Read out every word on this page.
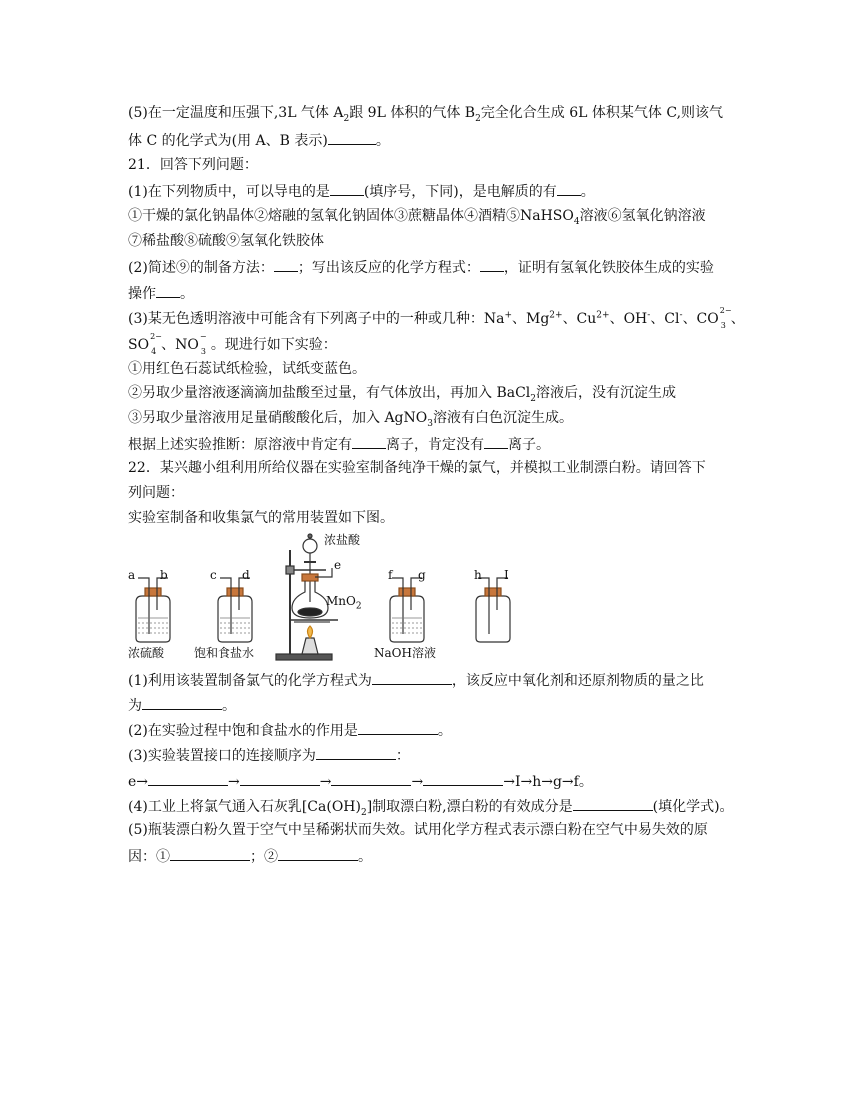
(5)在一定温度和压强下,3L 气体 $A_2$跟 9L 体积的气体 $B_2$完全化合生成 6L 体积某气体 C,则该气
体 C 的化学式为(用 A、B 表示)	。
21．回答下列问题：
(1)在下列物质中，可以导电的是 (填序号，下同)，是电解质的有 。
①干燥的氯化钠晶体②熔融的氢氧化钠固体③蔗糖晶体④酒精⑤NaHSO$_4$溶液⑥氢氧化钠溶液
⑦稀盐酸⑧硫酸⑨氢氧化铁胶体
(2)简述⑨的制备方法： ；写出该反应的化学方程式： ，证明有氢氧化铁胶体生成的实验
操作 。
(3)某无色透明溶液中可能含有下列离子中的一种或几种：Na+、$Mg^{2+}$、$Cu^{2+}$、OH-、Cl-、CO
2−
3 、
SO
2−
4 、NO
−
3 。现进行如下实验：
①用红色石蕊试纸检验，试纸变蓝色。
②另取少量溶液逐滴滴加盐酸至过量，有气体放出，再加入 BaCl$_2$溶液后，没有沉淀生成
③另取少量溶液用足量硝酸酸化后，加入 AgNO$_3$溶液有白色沉淀生成。
根据上述实验推断：原溶液中肯定有 离子，肯定没有 离子。
22．某兴趣小组利用所给仪器在实验室制备纯净干燥的氯气，并模拟工业制漂白粉。请回答下
列问题：
实验室制备和收集氯气的常用装置如下图。
a b	c d
e
f g	h I
浓盐酸
MnO$_2$
浓硫酸 饱和食盐水	NaOH溶液
(1)利用该装置制备氯气的化学方程式为	，该反应中氧化剂和还原剂物质的量之比
为	。
(2)在实验过程中饱和食盐水的作用是	。
(3)实验装置接口的连接顺序为	：
e→	→	→	→	→I→h→g→f。
(4)工业上将氯气通入石灰乳$[Ca(OH)_2]$制取漂白粉,漂白粉的有效成分是	(填化学式)。
(5)瓶装漂白粉久置于空气中呈稀粥状而失效。试用化学方程式表示漂白粉在空气中易失效的原
因：①	；②	。
